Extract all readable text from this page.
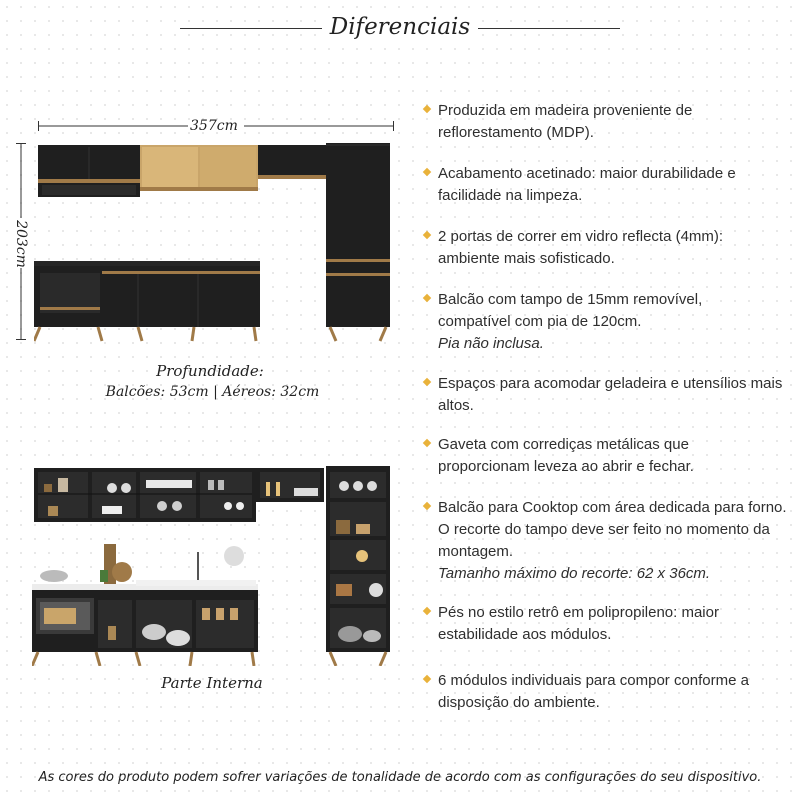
Diferenciais
357cm
203cm
Profundidade:
Balcões: 53cm | Aéreos: 32cm
Parte Interna
Produzida em madeira proveniente de reflorestamento (MDP).
Acabamento acetinado: maior durabilidade e facilidade na limpeza.
2 portas de correr em vidro reflecta (4mm): ambiente mais sofisticado.
Balcão com tampo de 15mm removível, compatível com pia de 120cm.
Pia não inclusa.
Espaços para acomodar geladeira e utensílios mais altos.
Gaveta com corrediças metálicas que proporcionam leveza ao abrir e fechar.
Balcão para Cooktop com área dedicada para forno. O recorte do tampo deve ser feito no momento da montagem.
Tamanho máximo do recorte: 62 x 36cm.
Pés no estilo retrô em polipropileno: maior estabilidade aos módulos.
6 módulos individuais para compor conforme a disposição do ambiente.
As cores do produto podem sofrer variações de tonalidade de acordo com as configurações do seu dispositivo.
